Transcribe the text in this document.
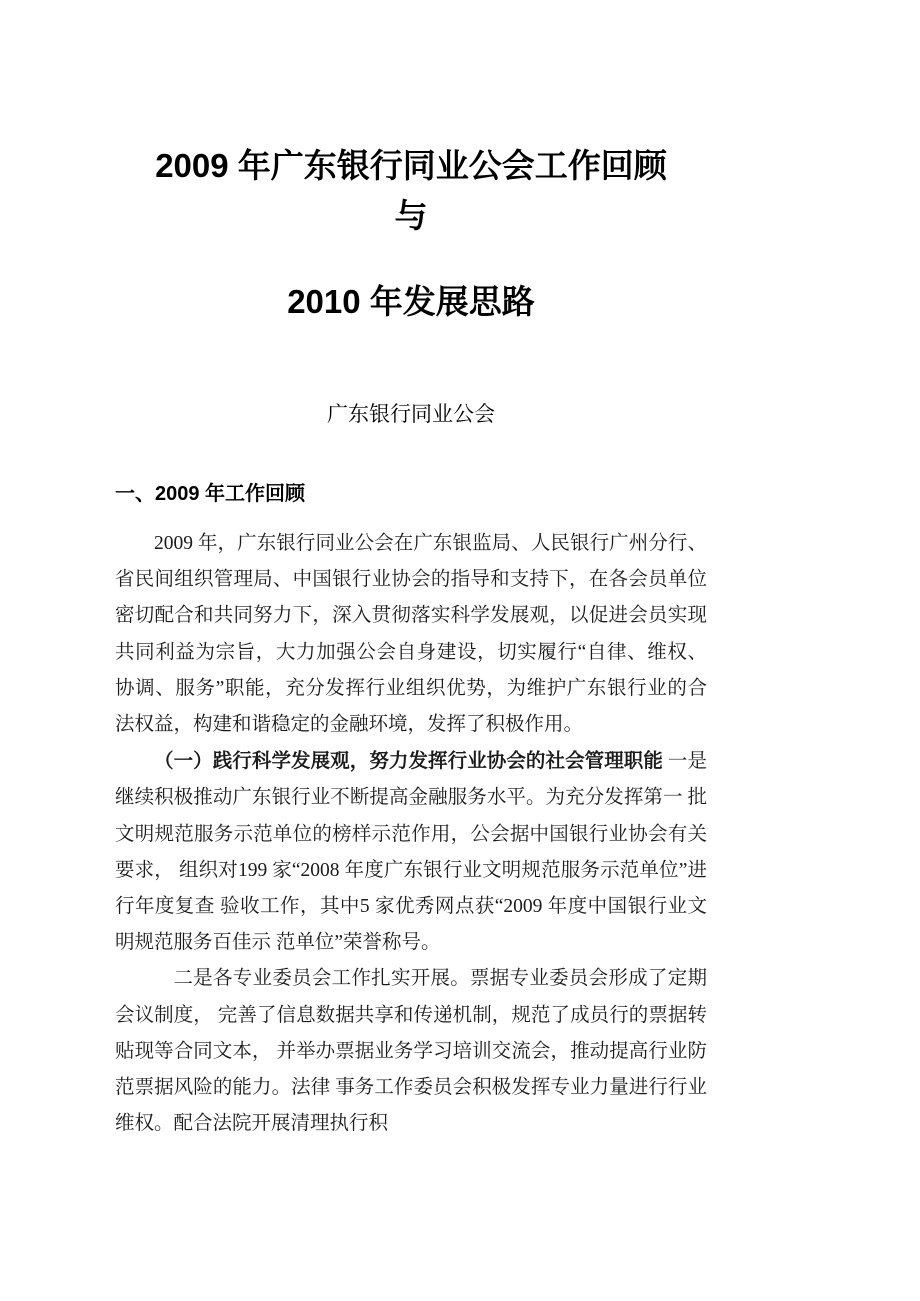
2009 年广东银行同业公会工作回顾
与
2010 年发展思路

广东银行同业公会

一、2009 年工作回顾

2009 年，广东银行同业公会在广东银监局、人民银行广州分行、省民间组织管理局、中国银行业协会的指导和支持下，在各会员单位密切配合和共同努力下，深入贯彻落实科学发展观，以促进会员实现共同利益为宗旨，大力加强公会自身建设，切实履行“自律、维权、协调、服务”职能，充分发挥行业组织优势，为维护广东银行业的合法权益，构建和谐稳定的金融环境，发挥了积极作用。

（一）践行科学发展观，努力发挥行业协会的社会管理职能 一是继续积极推动广东银行业不断提高金融服务水平。为充分发挥第一 批文明规范服务示范单位的榜样示范作用，公会据中国银行业协会有关要求， 组织对199 家“2008 年度广东银行业文明规范服务示范单位”进行年度复查 验收工作，其中5 家优秀网点获“2009 年度中国银行业文明规范服务百佳示 范单位”荣誉称号。

二是各专业委员会工作扎实开展。票据专业委员会形成了定期会议制度， 完善了信息数据共享和传递机制，规范了成员行的票据转贴现等合同文本， 并举办票据业务学习培训交流会，推动提高行业防范票据风险的能力。法律 事务工作委员会积极发挥专业力量进行行业维权。配合法院开展清理执行积
